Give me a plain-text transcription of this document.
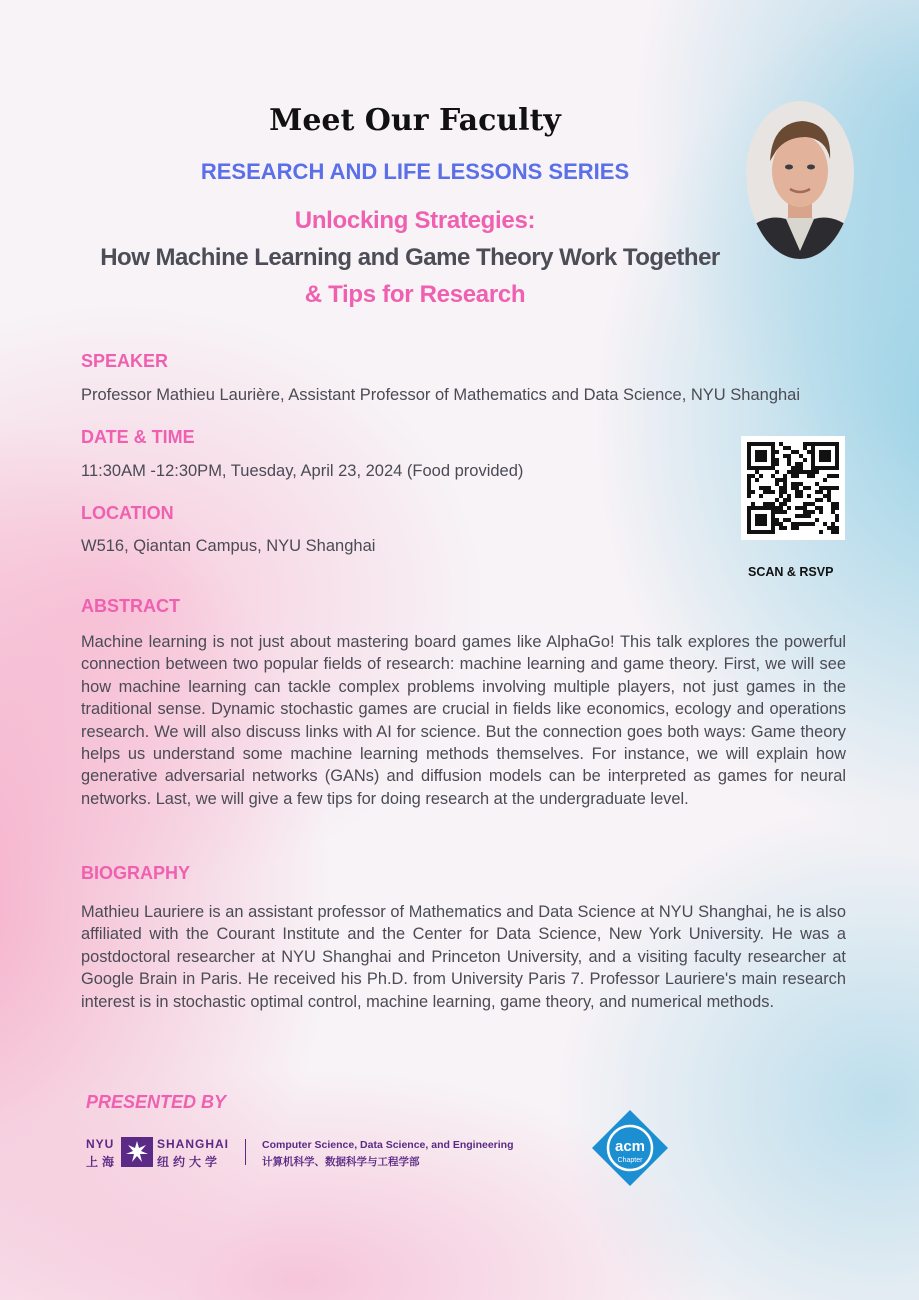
Meet Our Faculty
RESEARCH AND LIFE LESSONS SERIES
Unlocking Strategies:
How Machine Learning and Game Theory Work Together
& Tips for Research
SPEAKER
Professor Mathieu Laurière, Assistant Professor of Mathematics and Data Science, NYU Shanghai
DATE & TIME
11:30AM -12:30PM, Tuesday, April 23, 2024 (Food provided)
LOCATION
W516, Qiantan Campus, NYU Shanghai
SCAN & RSVP
ABSTRACT
Machine learning is not just about mastering board games like AlphaGo! This talk explores the powerful connection between two popular fields of research: machine learning and game theory. First, we will see how machine learning can tackle complex problems involving multiple players, not just games in the traditional sense. Dynamic stochastic games are crucial in fields like economics, ecology and operations research. We will also discuss links with AI for science. But the connection goes both ways: Game theory helps us understand some machine learning methods themselves. For instance, we will explain how generative adversarial networks (GANs) and diffusion models can be interpreted as games for neural networks. Last, we will give a few tips for doing research at the undergraduate level.
BIOGRAPHY
Mathieu Lauriere is an assistant professor of Mathematics and Data Science at NYU Shanghai, he is also affiliated with the Courant Institute and the Center for Data Science, New York University. He was a postdoctoral researcher at NYU Shanghai and Princeton University, and a visiting faculty researcher at Google Brain in Paris. He received his Ph.D. from University Paris 7. Professor Lauriere's main research interest is in stochastic optimal control, machine learning, game theory, and numerical methods.
PRESENTED BY
NYU
上海
SHANGHAI
纽约大学
Computer Science, Data Science, and Engineering
计算机科学、数据科学与工程学部
acm
Chapter
